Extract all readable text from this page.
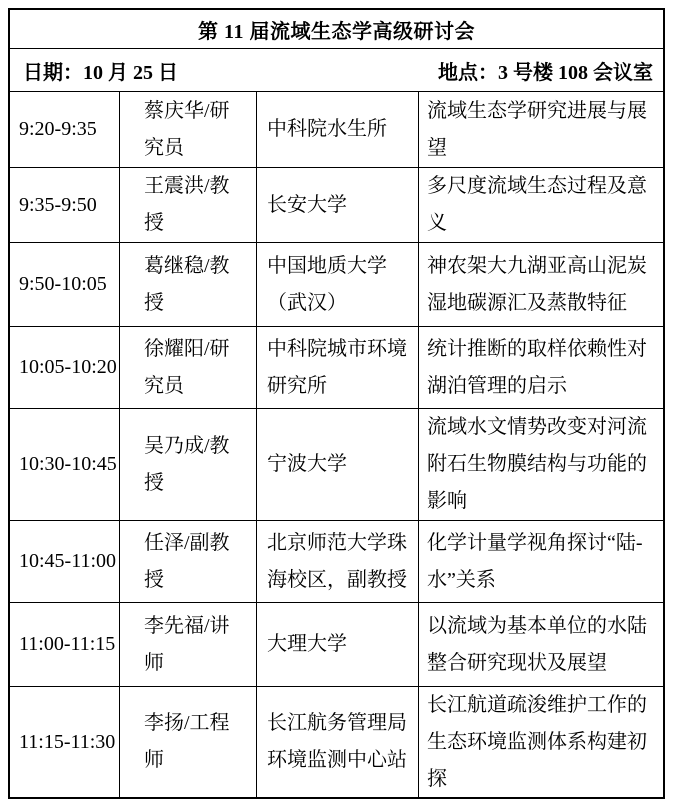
第 11 届流域生态学高级研讨会
日期：10 月 25 日	地点：3 号楼 108 会议室
9:20-9:35
蔡庆华/研究员
中科院水生所
流域生态学研究进展与展望
9:35-9:50
王震洪/教授
长安大学
多尺度流域生态过程及意义
9:50-10:05
葛继稳/教授
中国地质大学（武汉）
神农架大九湖亚高山泥炭湿地碳源汇及蒸散特征
10:05-10:20
徐耀阳/研究员
中科院城市环境研究所
统计推断的取样依赖性对湖泊管理的启示
10:30-10:45
吴乃成/教授
宁波大学
流域水文情势改变对河流附石生物膜结构与功能的影响
10:45-11:00
任泽/副教授
北京师范大学珠海校区，副教授
化学计量学视角探讨“陆-水”关系
11:00-11:15
李先福/讲师
大理大学
以流域为基本单位的水陆整合研究现状及展望
11:15-11:30
李扬/工程师
长江航务管理局环境监测中心站
长江航道疏浚维护工作的生态环境监测体系构建初探
